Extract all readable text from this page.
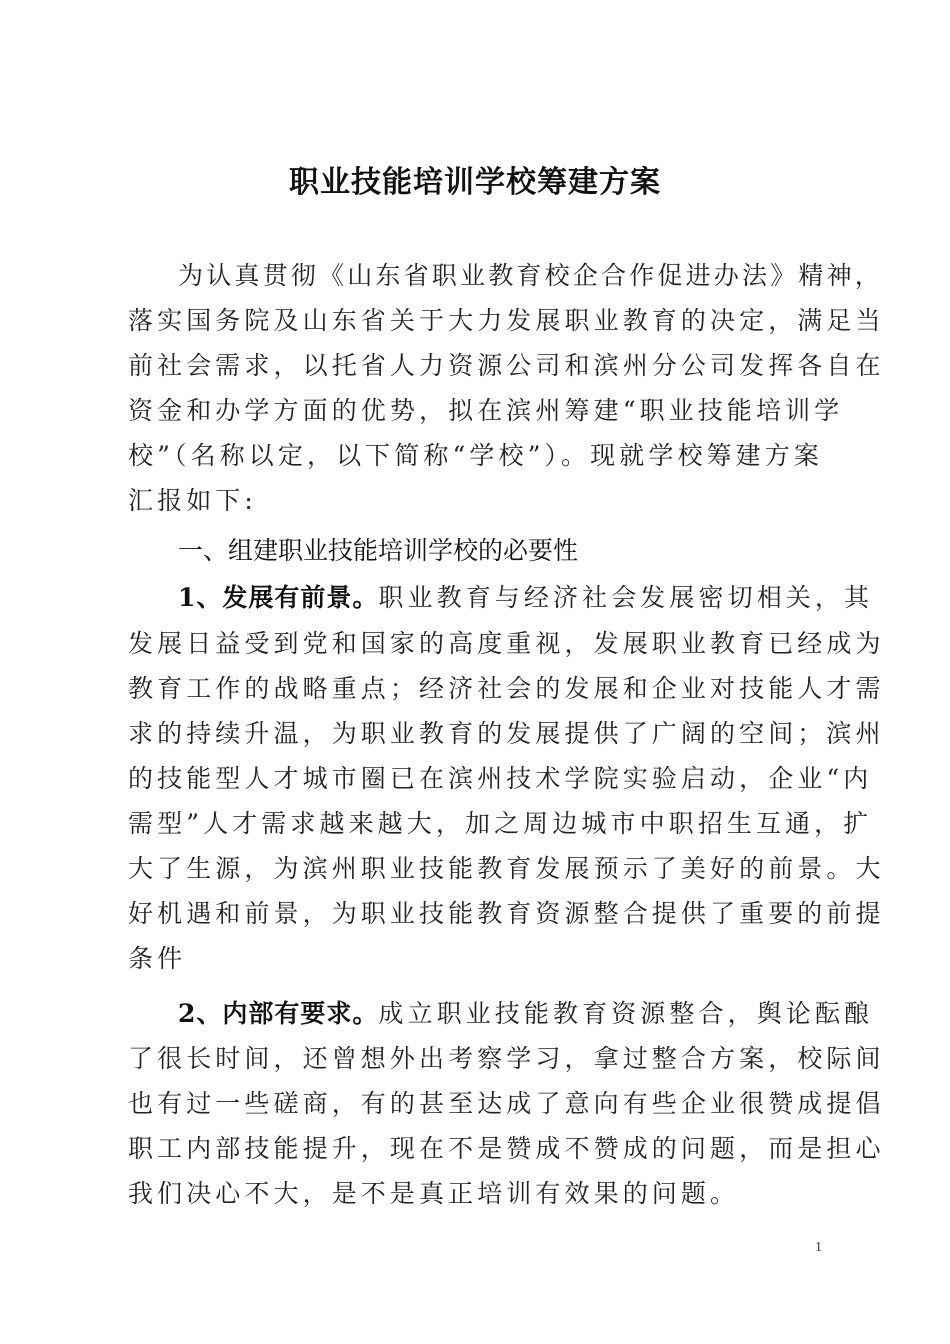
职业技能培训学校筹建方案
为认真贯彻《山东省职业教育校企合作促进办法》精神，
落实国务院及山东省关于大力发展职业教育的决定，满足当
前社会需求，以托省人力资源公司和滨州分公司发挥各自在
资金和办学方面的优势，拟在滨州筹建“职业技能培训学
校”（名称以定，以下简称“学校”）。现就学校筹建方案
汇报如下:
一、组建职业技能培训学校的必要性
1、发展有前景。职业教育与经济社会发展密切相关，其
发展日益受到党和国家的高度重视，发展职业教育已经成为
教育工作的战略重点；经济社会的发展和企业对技能人才需
求的持续升温，为职业教育的发展提供了广阔的空间；滨州
的技能型人才城市圈已在滨州技术学院实验启动，企业“内
需型”人才需求越来越大，加之周边城市中职招生互通，扩
大了生源，为滨州职业技能教育发展预示了美好的前景。大
好机遇和前景，为职业技能教育资源整合提供了重要的前提
条件
2、内部有要求。成立职业技能教育资源整合，舆论酝酿
了很长时间，还曾想外出考察学习，拿过整合方案，校际间
也有过一些磋商，有的甚至达成了意向有些企业很赞成提倡
职工内部技能提升，现在不是赞成不赞成的问题，而是担心
我们决心不大，是不是真正培训有效果的问题。
1
